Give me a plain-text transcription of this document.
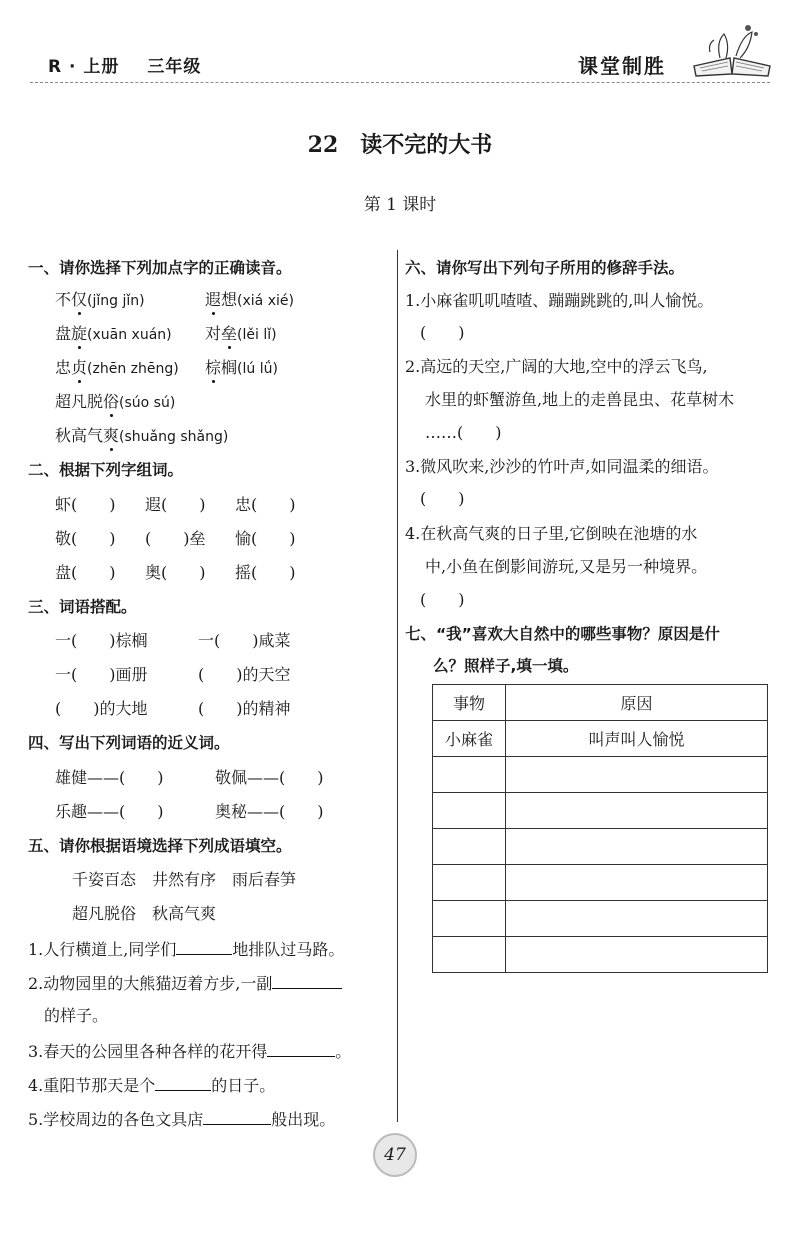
R · 上册 三年级	课堂制胜
22 读不完的大书
第 1 课时
一、请你选择下列加点字的正确读音。
不仅(jǐng jǐn)	遐想(xiá xié)
盘旋(xuān xuán) 对垒(lěi lǐ)
忠贞(zhēn zhēng) 棕榈(lú lǘ)
超凡脱俗(súo sú)
秋高气爽(shuǎng shǎng)
二、根据下列字组词。
虾(　　) 遐(　　) 忠(　　)
敬(　　) (　　)垒 愉(　　)
盘(　　) 奥(　　) 摇(　　)
三、词语搭配。
一(　　)棕榈	一(　　)咸菜
一(　　)画册	(　　)的天空
(　　)的大地	(　　)的精神
四、写出下列词语的近义词。
雄健——(　　)	敬佩——(　　)
乐趣——(　　)	奥秘——(　　)
五、请你根据语境选择下列成语填空。
千姿百态　井然有序　雨后春笋
超凡脱俗　秋高气爽
1.人行横道上,同学们	地排队过马路。
2.动物园里的大熊猫迈着方步,一副
的样子。
3.春天的公园里各种各样的花开得	。
4.重阳节那天是个	的日子。
5.学校周边的各色文具店	般出现。
六、请你写出下列句子所用的修辞手法。
1.小麻雀叽叽喳喳、蹦蹦跳跳的,叫人愉悦。
(　　)
2.高远的天空,广阔的大地,空中的浮云飞鸟,
水里的虾蟹游鱼,地上的走兽昆虫、花草树木
……(　　)
3.微风吹来,沙沙的竹叶声,如同温柔的细语。
(　　)
4.在秋高气爽的日子里,它倒映在池塘的水
中,小鱼在倒影间游玩,又是另一种境界。
(　　)
七、“我”喜欢大自然中的哪些事物？原因是什
么？照样子,填一填。
事物	原因
小麻雀	叫声叫人愉悦

47
